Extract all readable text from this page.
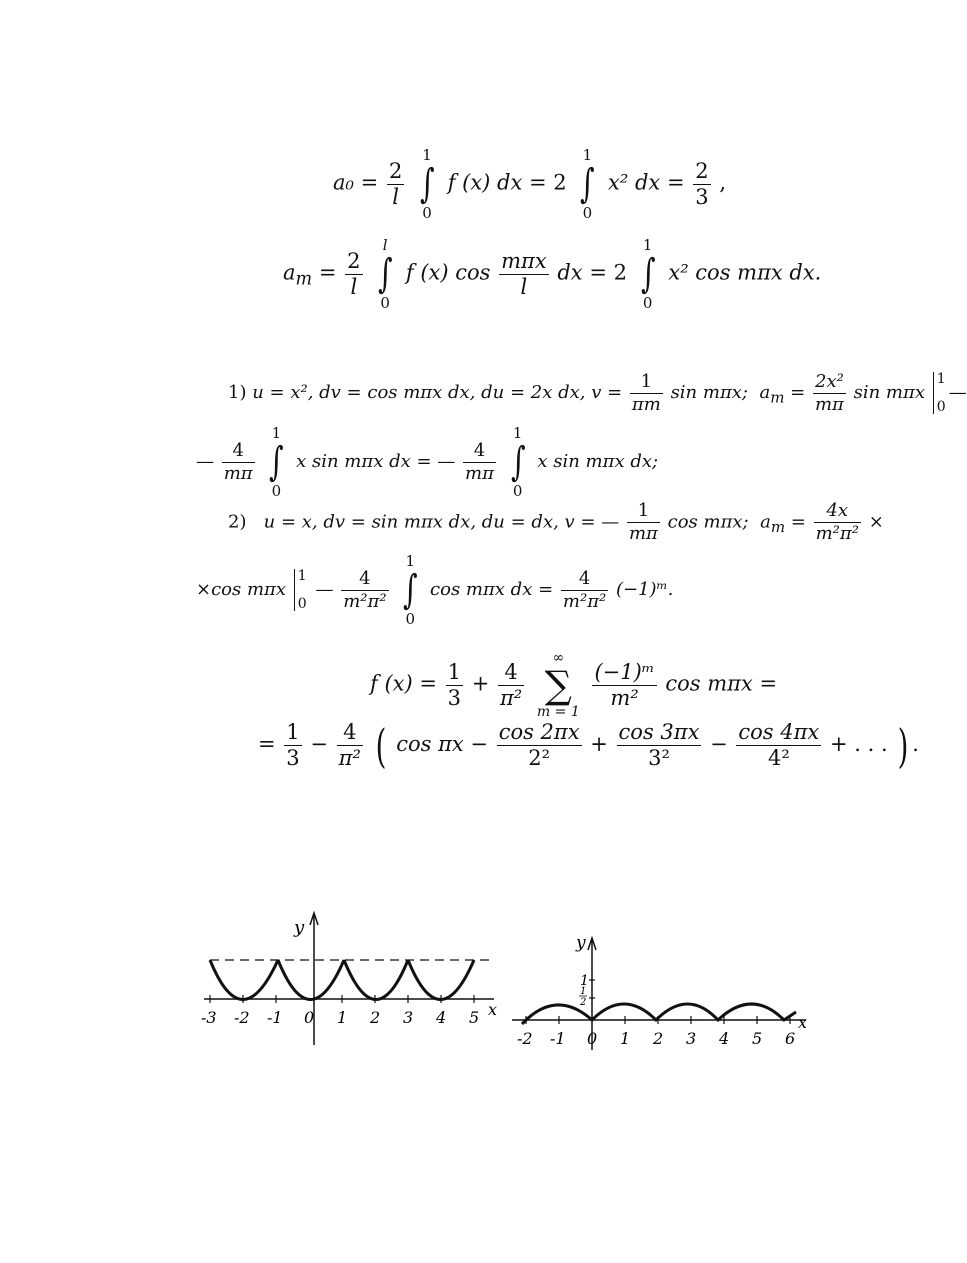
$a_0 = \frac{2}{l}$

1
∫
0
f (x) dx = 2
1
∫
0
x² dx = $\frac{2}{3}$ ,
$a_m = \frac{2}{l}$

l
∫
0
f (x) $\cos \frac{\text{mπx}}{l}$ dx = 2
1
∫
0
x² cos mπx dx.
1) u = x², dv = cos mπx dx, du = 2x dx, $v = \frac{1}{\pi m}$ sin mπx; $a_m = \frac{\text{2x²}}{m\pi}$ sin mπx
1
0
—
— $\frac{4}{m\pi}$

1
∫
0
x sin mπx dx = — $\frac{4}{m\pi}$

1
∫
0
x sin mπx dx;
2) u = x, dv = sin mπx dx, du = dx, v = — $\frac{1}{m\pi}$ cos mπx; $a_m = \frac{4x}{\text{m²π²}}$ ×
×cos mπx
1
0
— $\frac{4}{\text{m²π²}}$

1
∫
0
cos mπx dx = $\frac{4}{\text{m²π²}}$ (−1)ᵐ.
f $(x) = \frac{1}{3} + \frac{4}{\text{π²}}$

∞
∑
m = 1

$\frac{\text{(−1)ᵐ}}{\text{m²}}$ cos mπx =
= $\frac{1}{3} - \frac{4}{\text{π²}}$ ( $\cos \pi x - \frac{\cos 2\pi x}{\text{2²}} + \frac{\cos 3\pi x}{\text{3²}} - \frac{\cos 4\pi x}{\text{4²}}$ + . . . ) .
y
x
-3 -2 -1 0 1 2 3 4 5
y
1
1
2
x
-2 -1 0 1 2 3 4 5 6
